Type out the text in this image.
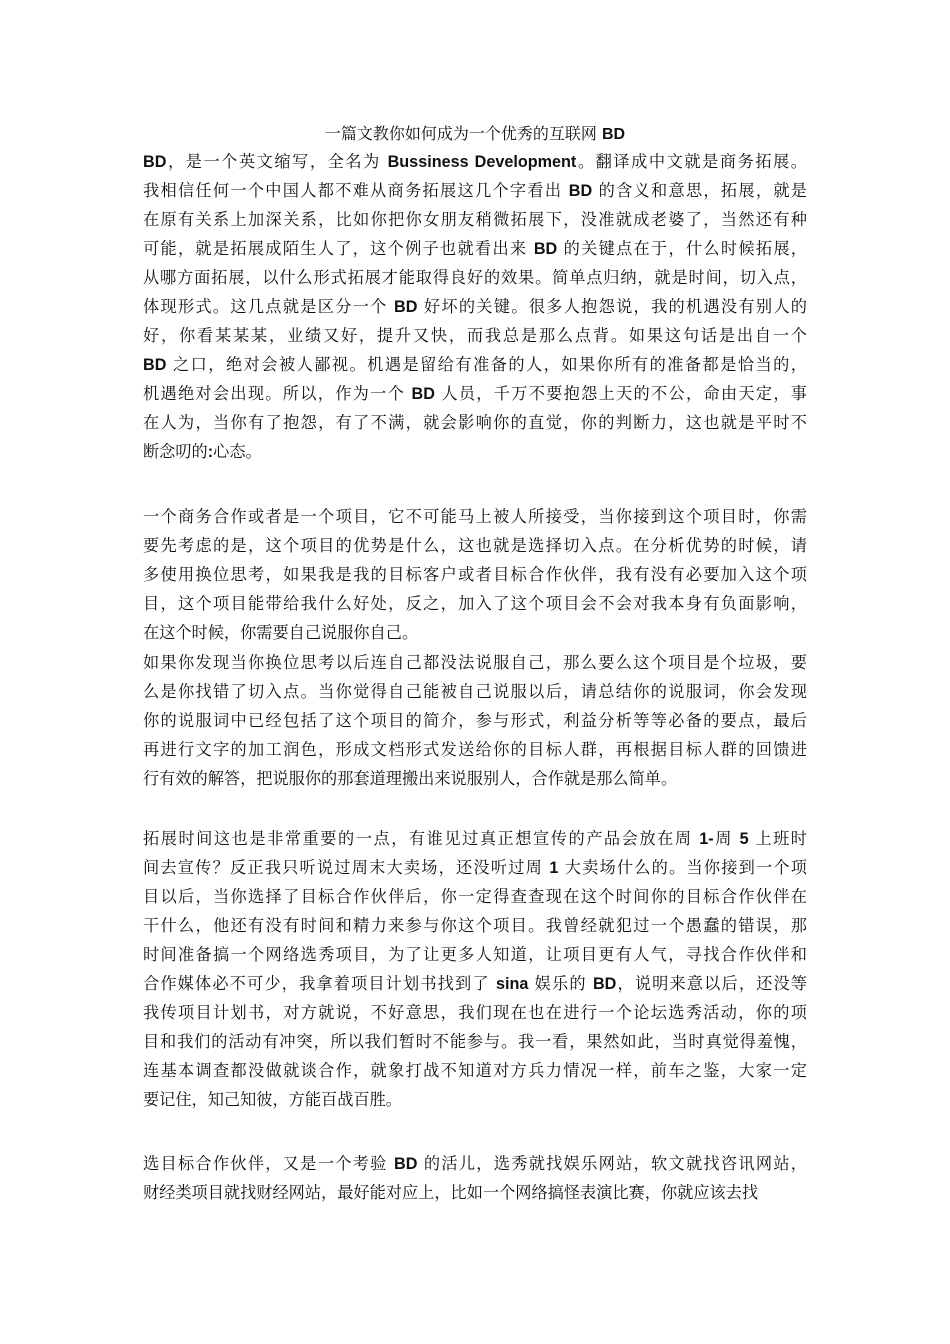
一篇文教你如何成为一个优秀的互联网 BD
BD，是一个英文缩写，全名为 Bussiness Development。翻译成中文就是商务拓展。
我相信任何一个中国人都不难从商务拓展这几个字看出 BD 的含义和意思，拓展，就是
在原有关系上加深关系，比如你把你女朋友稍微拓展下，没准就成老婆了，当然还有种
可能，就是拓展成陌生人了，这个例子也就看出来 BD 的关键点在于，什么时候拓展，
从哪方面拓展，以什么形式拓展才能取得良好的效果。简单点归纳，就是时间，切入点，
体现形式。这几点就是区分一个 BD 好坏的关键。很多人抱怨说，我的机遇没有别人的
好，你看某某某，业绩又好，提升又快，而我总是那么点背。如果这句话是出自一个
BD 之口，绝对会被人鄙视。机遇是留给有准备的人，如果你所有的准备都是恰当的，
机遇绝对会出现。所以，作为一个 BD 人员，千万不要抱怨上天的不公，命由天定，事
在人为，当你有了抱怨，有了不满，就会影响你的直觉，你的判断力，这也就是平时不
断念叨的:心态。
一个商务合作或者是一个项目，它不可能马上被人所接受，当你接到这个项目时，你需
要先考虑的是，这个项目的优势是什么，这也就是选择切入点。在分析优势的时候，请
多使用换位思考，如果我是我的目标客户或者目标合作伙伴，我有没有必要加入这个项
目，这个项目能带给我什么好处，反之，加入了这个项目会不会对我本身有负面影响，
在这个时候，你需要自己说服你自己。
如果你发现当你换位思考以后连自己都没法说服自己，那么要么这个项目是个垃圾，要
么是你找错了切入点。当你觉得自己能被自己说服以后，请总结你的说服词，你会发现
你的说服词中已经包括了这个项目的简介，参与形式，利益分析等等必备的要点，最后
再进行文字的加工润色，形成文档形式发送给你的目标人群，再根据目标人群的回馈进
行有效的解答，把说服你的那套道理搬出来说服别人，合作就是那么简单。
拓展时间这也是非常重要的一点，有谁见过真正想宣传的产品会放在周 1-周 5 上班时
间去宣传？反正我只听说过周末大卖场，还没听过周 1 大卖场什么的。当你接到一个项
目以后，当你选择了目标合作伙伴后，你一定得查查现在这个时间你的目标合作伙伴在
干什么，他还有没有时间和精力来参与你这个项目。我曾经就犯过一个愚蠢的错误，那
时间准备搞一个网络选秀项目，为了让更多人知道，让项目更有人气，寻找合作伙伴和
合作媒体必不可少，我拿着项目计划书找到了 sina 娱乐的 BD，说明来意以后，还没等
我传项目计划书，对方就说，不好意思，我们现在也在进行一个论坛选秀活动，你的项
目和我们的活动有冲突，所以我们暂时不能参与。我一看，果然如此，当时真觉得羞愧，
连基本调查都没做就谈合作，就象打战不知道对方兵力情况一样，前车之鉴，大家一定
要记住，知己知彼，方能百战百胜。
选目标合作伙伴，又是一个考验 BD 的活儿，选秀就找娱乐网站，软文就找咨讯网站，
财经类项目就找财经网站，最好能对应上，比如一个网络搞怪表演比赛，你就应该去找
